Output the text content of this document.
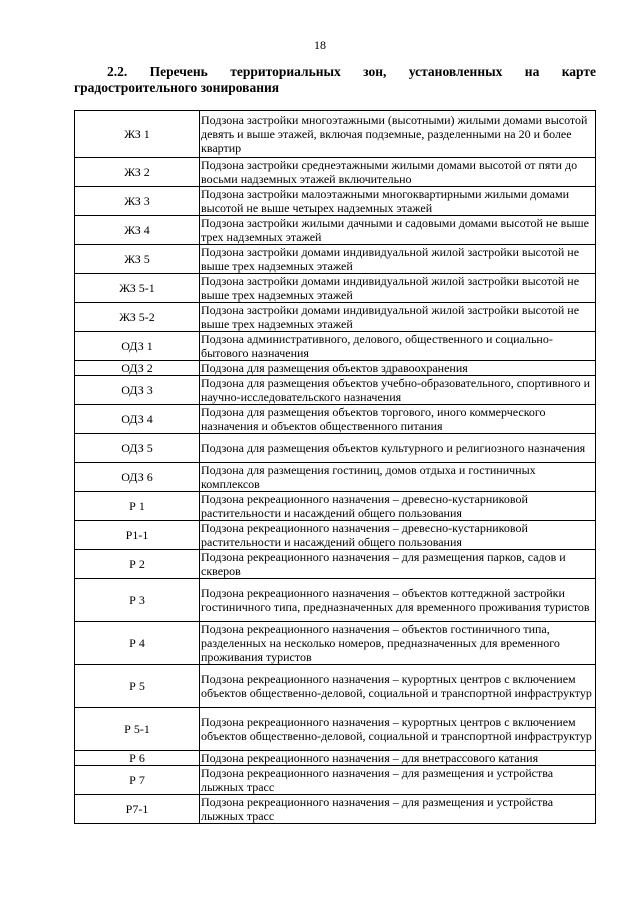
18
2.2. Перечень территориальных зон, установленных на карте
градостроительного зонирования
ЖЗ 1	Подзона застройки многоэтажными (высотными) жилыми домами высотой девять и выше этажей, включая подземные, разделенными на 20 и более квартир
ЖЗ 2	Подзона застройки среднеэтажными жилыми домами высотой от пяти до восьми надземных этажей включительно
ЖЗ 3	Подзона застройки малоэтажными многоквартирными жилыми домами высотой не выше четырех надземных этажей
ЖЗ 4	Подзона застройки жилыми дачными и садовыми домами высотой не выше трех надземных этажей
ЖЗ 5	Подзона застройки домами индивидуальной жилой застройки высотой не выше трех надземных этажей
ЖЗ 5-1	Подзона застройки домами индивидуальной жилой застройки высотой не выше трех надземных этажей
ЖЗ 5-2	Подзона застройки домами индивидуальной жилой застройки высотой не выше трех надземных этажей
ОДЗ 1	Подзона административного, делового, общественного и социально-бытового назначения
ОДЗ 2	Подзона для размещения объектов здравоохранения
ОДЗ 3	Подзона для размещения объектов учебно-образовательного, спортивного и научно-исследовательского назначения
ОДЗ 4	Подзона для размещения объектов торгового, иного коммерческого назначения и объектов общественного питания
ОДЗ 5	Подзона для размещения объектов культурного и религиозного назначения
ОДЗ 6	Подзона для размещения гостиниц, домов отдыха и гостиничных комплексов
Р 1	Подзона рекреационного назначения – древесно-кустарниковой растительности и насаждений общего пользования
Р1-1	Подзона рекреационного назначения – древесно-кустарниковой растительности и насаждений общего пользования
Р 2	Подзона рекреационного назначения – для размещения парков, садов и скверов
Р 3	Подзона рекреационного назначения – объектов коттеджной застройки гостиничного типа, предназначенных для временного проживания туристов
Р 4	Подзона рекреационного назначения – объектов гостиничного типа, разделенных на несколько номеров, предназначенных для временного проживания туристов
Р 5	Подзона рекреационного назначения – курортных центров с включением объектов общественно-деловой, социальной и транспортной инфраструктур
Р 5-1	Подзона рекреационного назначения – курортных центров с включением объектов общественно-деловой, социальной и транспортной инфраструктур
Р 6	Подзона рекреационного назначения – для внетрассового катания
Р 7	Подзона рекреационного назначения – для размещения и устройства лыжных трасс
Р7-1	Подзона рекреационного назначения – для размещения и устройства лыжных трасс
